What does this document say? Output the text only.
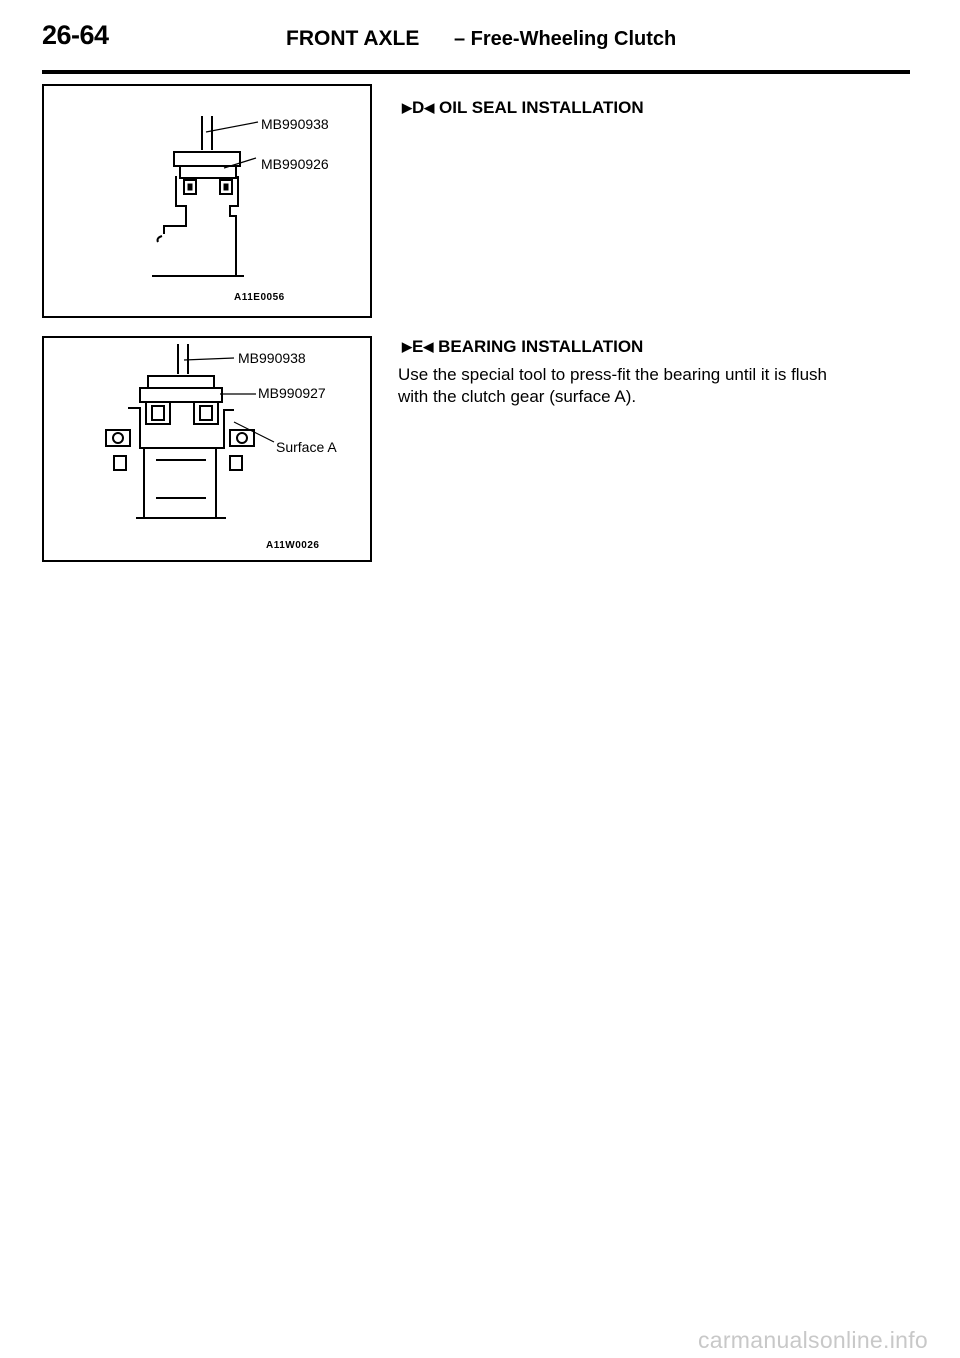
26-64	FRONT AXLE – Free-Wheeling Clutch
MB990938
MB990926
A11E0056
MB990938
MB990927
Surface A
A11W0026
▶D◀ OIL SEAL INSTALLATION
▶E◀ BEARING INSTALLATION
Use the special tool to press-fit the bearing until it is flush
with the clutch gear (surface A).
carmanualsonline.info
